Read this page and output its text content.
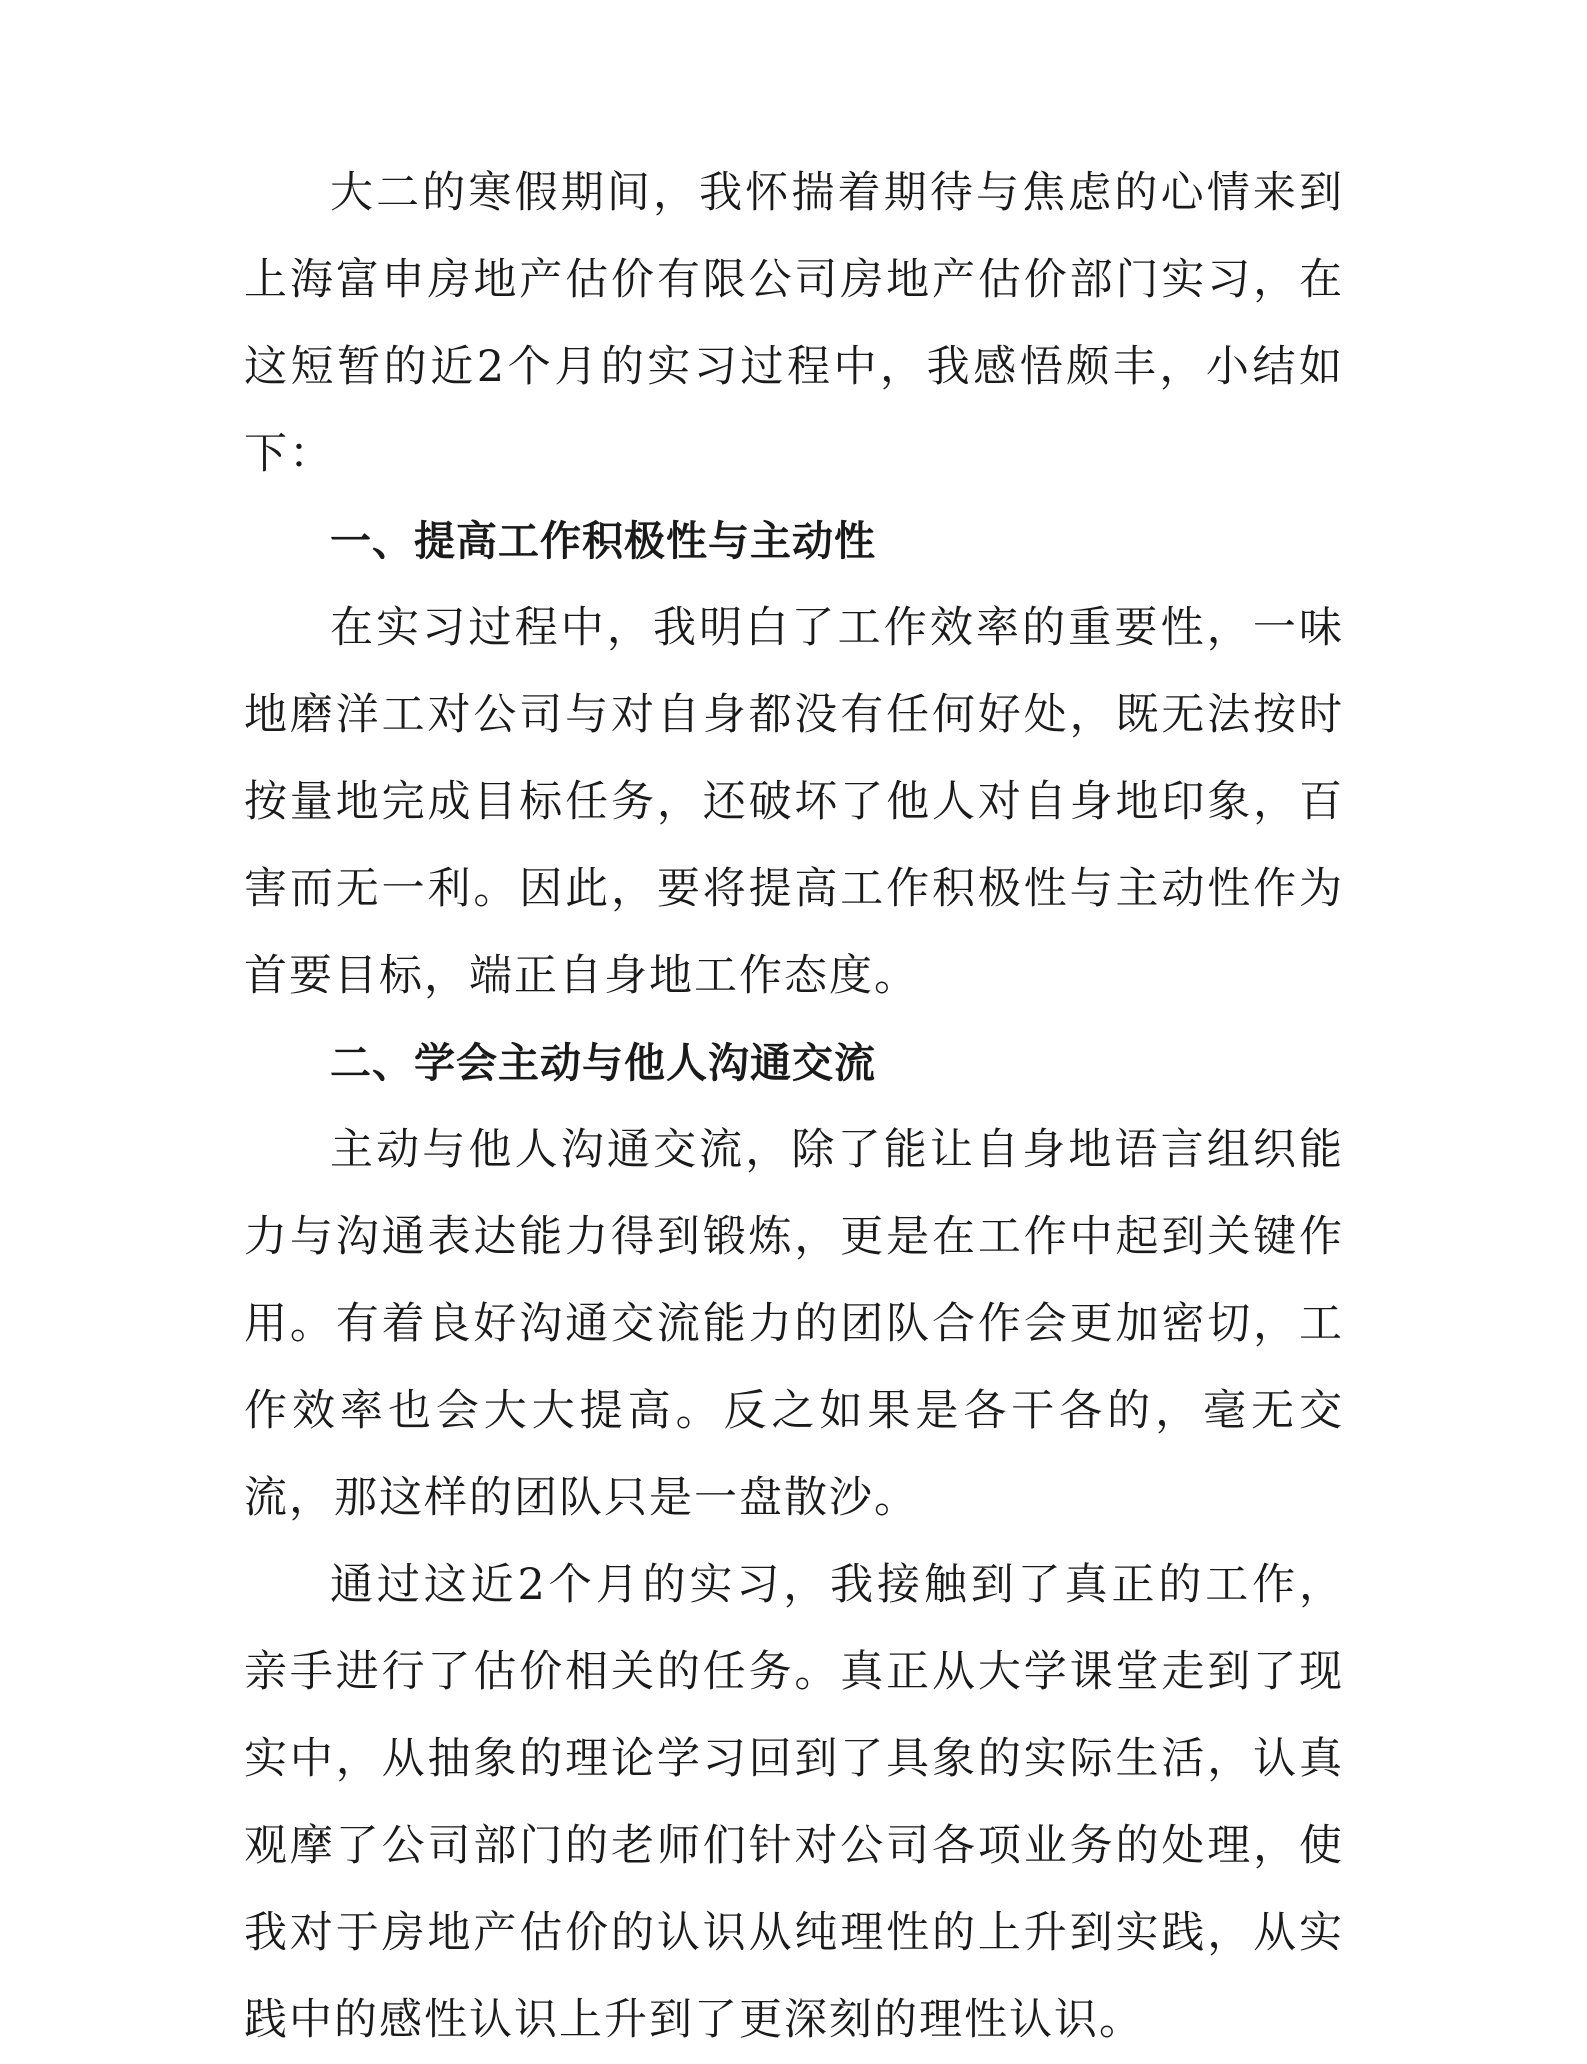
大二的寒假期间，我怀揣着期待与焦虑的心情来到上海富申房地产估价有限公司房地产估价部门实习，在这短暂的近2个月的实习过程中，我感悟颇丰，小结如下：

一、提高工作积极性与主动性

在实习过程中，我明白了工作效率的重要性，一味地磨洋工对公司与对自身都没有任何好处，既无法按时按量地完成目标任务，还破坏了他人对自身地印象，百害而无一利。因此，要将提高工作积极性与主动性作为首要目标，端正自身地工作态度。

二、学会主动与他人沟通交流

主动与他人沟通交流，除了能让自身地语言组织能力与沟通表达能力得到锻炼，更是在工作中起到关键作用。有着良好沟通交流能力的团队合作会更加密切，工作效率也会大大提高。反之如果是各干各的，毫无交流，那这样的团队只是一盘散沙。

通过这近2个月的实习，我接触到了真正的工作，亲手进行了估价相关的任务。真正从大学课堂走到了现实中，从抽象的理论学习回到了具象的实际生活，认真观摩了公司部门的老师们针对公司各项业务的处理，使我对于房地产估价的认识从纯理性的上升到实践，从实践中的感性认识上升到了更深刻的理性认识。
